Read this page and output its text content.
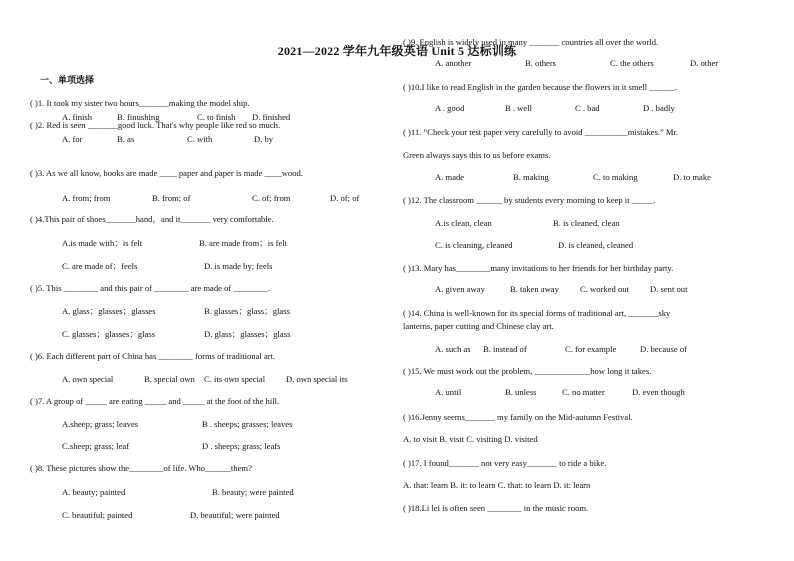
2021—2022 学年九年级英语 Unit 5 达标训练
一、单项选择
( )1. It took my sister two hours_______making the model ship.
A. finish	B. finushing	C. to finish D. finished
( )2. Red is seen _______good luck. That's why people like red so much.
A. for	B. as	C. with	D. by
( )3. As we all know, books are made ____ paper and paper is made ____wood.
A. from; from	B. from; of	C. of; from	D. of; of
( )4.This pair of shoes_______hand，and it_______ very comfortable.
A.is made with；is felt	B. are made from；is felt
C. are made of；feels	D. is made by; feels
( )5. This ________ and this pair of ________ are made of ________.
A. glass；glasses；glasses	B. glasses；glass；glass
C. glasses；glasses；glass	D. glass；glasses；glass
( )6. Each different part of China has ________ forms of traditional art.
A. own special	B. special own C. its own special D. own special its
( )7. A group of _____ are eating _____ and _____ at the foot of the hill.
A.sheep; grass; leaves	B . sheeps; grasses; leaves
C.sheep; grass; leaf	D . sheeps; grass; leafs
( )8. These pictures show the________of life. Who______them?
A. beauty; painted	B. beauty; were painted
C. beautiful; painted	D. beautiful; were painted
( )9. English is widely used in many _______ countries all over the world.
A. another	B. others	C. the others	D. other
( )10.I like to read English in the garden because the flowers in it smell ______.
A . good	B . well	C . bad	D . badly
( )11. “Check your test paper very carefully to avoid __________mistakes.” Mr.
Green always says this to us before exams.
A. made	B. making	C. to making	D. to make
( )12. The classroom ______ by students every morning to keep it _____.
A.is clean, clean	B. is cleaned, clean
C. is cleaning, cleaned	D. is cleaned, cleaned
( )13. Mary has________many invitations to her friends for her birthday party.
A. given away	B. taken away C. worked out D. sent out
( )14. China is well-known for its special forms of traditional art, _______sky
lanterns, paper cutting and Chinese clay art.
A. such as B. instead of	C. for example	D. because of
( )15. We must work out the problem, _____________how long it takes.
A. until	B. unless	C. no matter	D. even though
( )16.Jenny seems_______ my family on the Mid-autumn Festival.
A. to visit B. visit C. visiting D. visited
( )17. I found_______ not very easy_______ to ride a bike.
A. that: learn B. it: to learn C. that: to learn D. it: learn
( )18.Li lei is often seen ________ in the music room.
